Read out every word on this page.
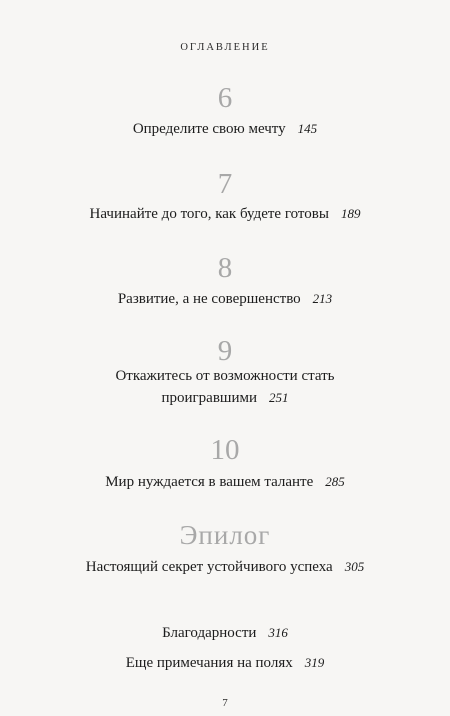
ОГЛАВЛЕНИЕ
6
Определите свою мечту 145
7
Начинайте до того, как будете готовы 189
8
Развитие, а не совершенство 213
9
Откажитесь от возможности стать
проигравшими 251
10
Мир нуждается в вашем таланте 285
Эпилог
Настоящий секрет устойчивого успеха 305
Благодарности 316
Еще примечания на полях 319
7
